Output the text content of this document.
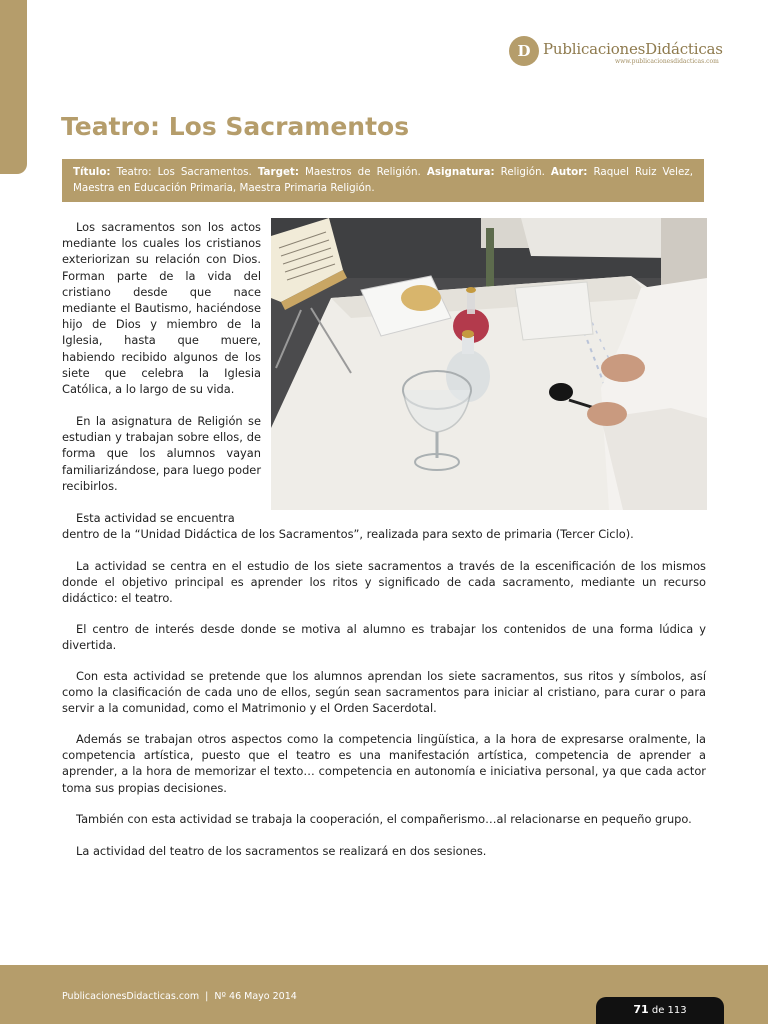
D PublicacionesDidácticas
www.publicacionesdidacticas.com
Teatro: Los Sacramentos
Título: Teatro: Los Sacramentos. Target: Maestros de Religión. Asignatura: Religión. Autor: Raquel Ruiz Velez, Maestra en Educación Primaria, Maestra Primaria Religión.

Los sacramentos son los actos mediante los cuales los cristianos exteriorizan su relación con Dios. Forman parte de la vida del cristiano desde que nace mediante el Bautismo, haciéndose hijo de Dios y miembro de la Iglesia, hasta que muere, habiendo recibido algunos de los siete que celebra la Iglesia Católica, a lo largo de su vida.

En la asignatura de Religión se estudian y trabajan sobre ellos, de forma que los alumnos vayan familiarizándose, para luego poder recibirlos.

Esta actividad se encuentra

dentro de la “Unidad Didáctica de los Sacramentos”, realizada para sexto de primaria (Tercer Ciclo).

La actividad se centra en el estudio de los siete sacramentos a través de la escenificación de los mismos donde el objetivo principal es aprender los ritos y significado de cada sacramento, mediante un recurso didáctico: el teatro.

El centro de interés desde donde se motiva al alumno es trabajar los contenidos de una forma lúdica y divertida.

Con esta actividad se pretende que los alumnos aprendan los siete sacramentos, sus ritos y símbolos, así como la clasificación de cada uno de ellos, según sean sacramentos para iniciar al cristiano, para curar o para servir a la comunidad, como el Matrimonio y el Orden Sacerdotal.

Además se trabajan otros aspectos como la competencia lingüística, a la hora de expresarse oralmente, la competencia artística, puesto que el teatro es una manifestación artística, competencia de aprender a aprender, a la hora de memorizar el texto… competencia en autonomía e iniciativa personal, ya que cada actor toma sus propias decisiones.

También con esta actividad se trabaja la cooperación, el compañerismo…al relacionarse en pequeño grupo.

La actividad del teatro de los sacramentos se realizará en dos sesiones.

PublicacionesDidacticas.com | Nº 46 Mayo 2014
71 de 113
